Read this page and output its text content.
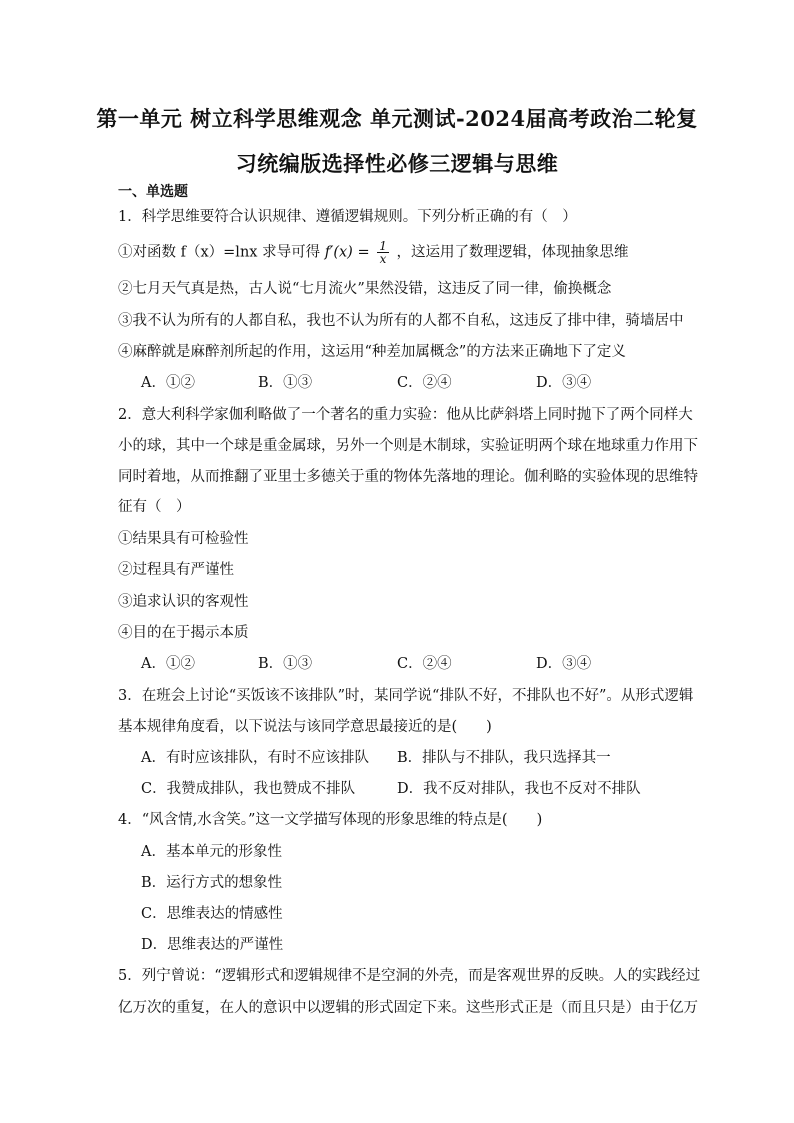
第一单元 树立科学思维观念 单元测试-2024届高考政治二轮复
习统编版选择性必修三逻辑与思维
一、单选题
1．科学思维要符合认识规律、遵循逻辑规则。下列分析正确的有（　）
①对函数 f（x）=lnx 求导可得 $f'(x) = \frac{1}{x}$ ，这运用了数理逻辑，体现抽象思维
②七月天气真是热，古人说“七月流火”果然没错，这违反了同一律，偷换概念
③我不认为所有的人都自私，我也不认为所有的人都不自私，这违反了排中律，骑墙居中
④麻醉就是麻醉剂所起的作用，这运用“种差加属概念”的方法来正确地下了定义
A．①②	B．①③	C．②④	D．③④
2．意大利科学家伽利略做了一个著名的重力实验：他从比萨斜塔上同时抛下了两个同样大
小的球，其中一个球是重金属球，另外一个则是木制球，实验证明两个球在地球重力作用下
同时着地，从而推翻了亚里士多德关于重的物体先落地的理论。伽利略的实验体现的思维特
征有（　）
①结果具有可检验性
②过程具有严谨性
③追求认识的客观性
④目的在于揭示本质
A．①②	B．①③	C．②④	D．③④
3．在班会上讨论“买饭该不该排队”时，某同学说“排队不好，不排队也不好”。从形式逻辑
基本规律角度看，以下说法与该同学意思最接近的是(　　)
A．有时应该排队，有时不应该排队 B．排队与不排队，我只选择其一
C．我赞成排队，我也赞成不排队	D．我不反对排队，我也不反对不排队
4．“风含情,水含笑。”这一文学描写体现的形象思维的特点是(　　)
A．基本单元的形象性
B．运行方式的想象性
C．思维表达的情感性
D．思维表达的严谨性
5．列宁曾说：“逻辑形式和逻辑规律不是空洞的外壳，而是客观世界的反映。人的实践经过
亿万次的重复，在人的意识中以逻辑的形式固定下来。这些形式正是（而且只是）由于亿万
